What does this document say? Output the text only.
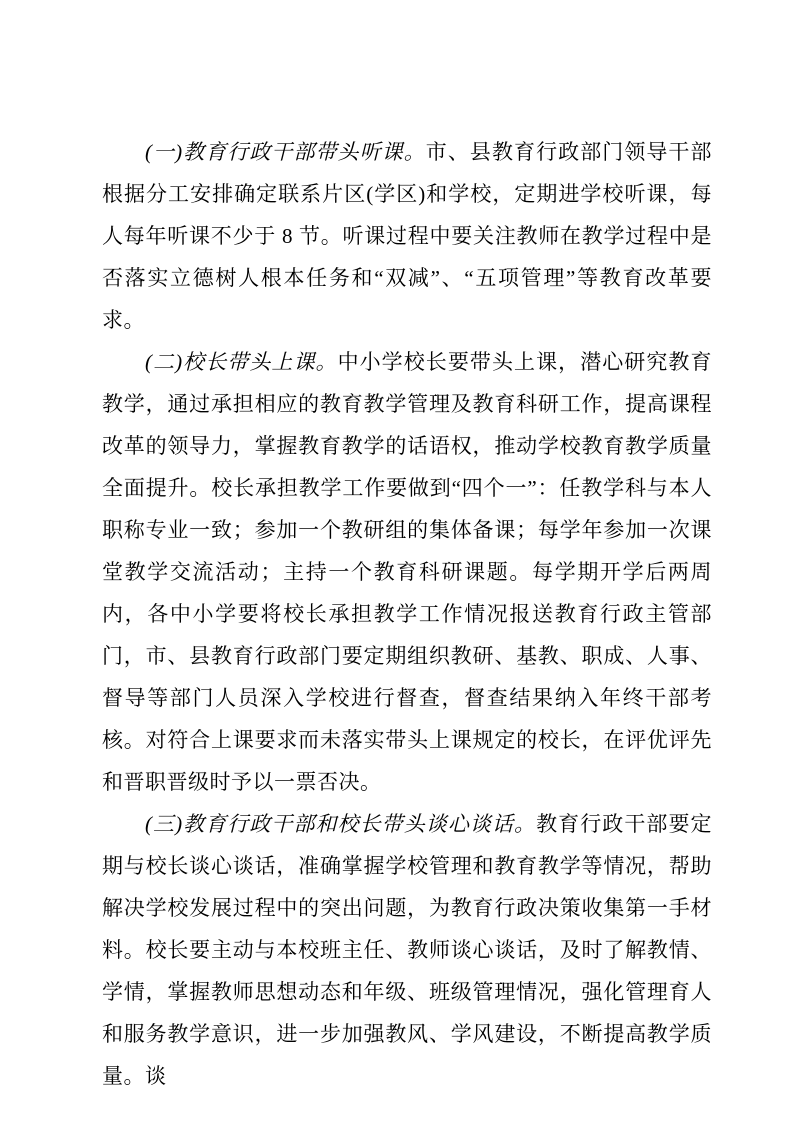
(一)教育行政干部带头听课。市、县教育行政部门领导干部根据分工安排确定联系片区(学区)和学校，定期进学校听课，每人每年听课不少于 8 节。听课过程中要关注教师在教学过程中是否落实立德树人根本任务和“双减”、“五项管理”等教育改革要求。

(二)校长带头上课。中小学校长要带头上课，潜心研究教育教学，通过承担相应的教育教学管理及教育科研工作，提高课程改革的领导力，掌握教育教学的话语权，推动学校教育教学质量全面提升。校长承担教学工作要做到“四个一”：任教学科与本人职称专业一致；参加一个教研组的集体备课；每学年参加一次课堂教学交流活动；主持一个教育科研课题。每学期开学后两周内，各中小学要将校长承担教学工作情况报送教育行政主管部门，市、县教育行政部门要定期组织教研、基教、职成、人事、督导等部门人员深入学校进行督查，督查结果纳入年终干部考核。对符合上课要求而未落实带头上课规定的校长，在评优评先和晋职晋级时予以一票否决。

(三)教育行政干部和校长带头谈心谈话。教育行政干部要定期与校长谈心谈话，准确掌握学校管理和教育教学等情况，帮助解决学校发展过程中的突出问题，为教育行政决策收集第一手材料。校长要主动与本校班主任、教师谈心谈话，及时了解教情、学情，掌握教师思想动态和年级、班级管理情况，强化管理育人和服务教学意识，进一步加强教风、学风建设，不断提高教学质量。谈
